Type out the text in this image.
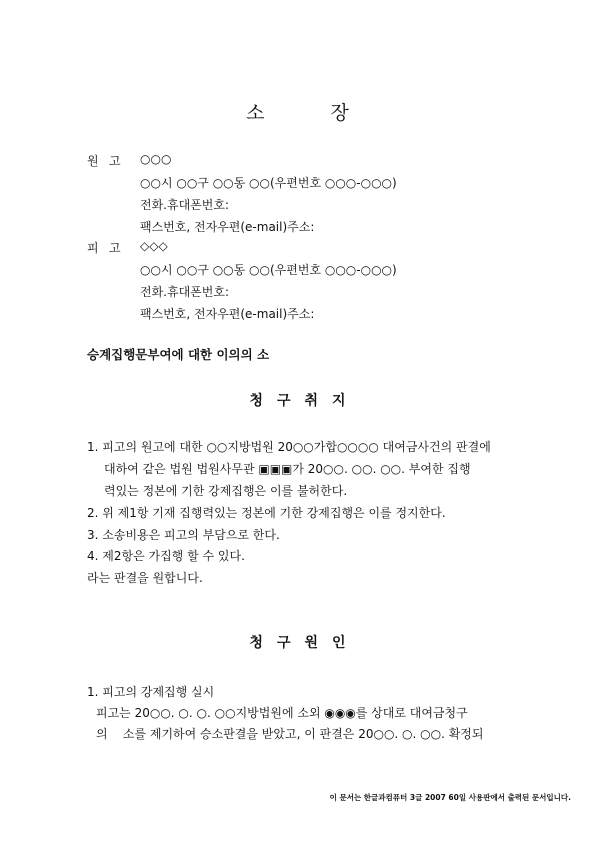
소	장
원 고	○○○
○○시 ○○구 ○○동 ○○(우편번호 ○○○-○○○)
전화.휴대폰번호:
팩스번호, 전자우편(e-mail)주소:
피 고	◇◇◇
○○시 ○○구 ○○동 ○○(우편번호 ○○○-○○○)
전화.휴대폰번호:
팩스번호, 전자우편(e-mail)주소:
승계집행문부여에 대한 이의의 소
청 구 취 지
1. 피고의 원고에 대한 ○○지방법원 20○○가합○○○○ 대여금사건의 판결에
대하여 같은 법원 법원사무관 ▣▣▣가 20○○. ○○. ○○. 부여한 집행
력있는 정본에 기한 강제집행은 이를 불허한다.
2. 위 제1항 기재 집행력있는 정본에 기한 강제집행은 이를 정지한다.
3. 소송비용은 피고의 부담으로 한다.
4. 제2항은 가집행 할 수 있다.
라는 판결을 원합니다.
청 구 원 인
1. 피고의 강제집행 실시
피고는 20○○. ○. ○. ○○지방법원에 소외 ◉◉◉를 상대로 대여금청구
의    소를 제기하여 승소판결을 받았고, 이 판결은 20○○. ○. ○○. 확정되
이 문서는 한글과컴퓨터 3글 2007 60일 사용판에서 출력된 문서입니다.
